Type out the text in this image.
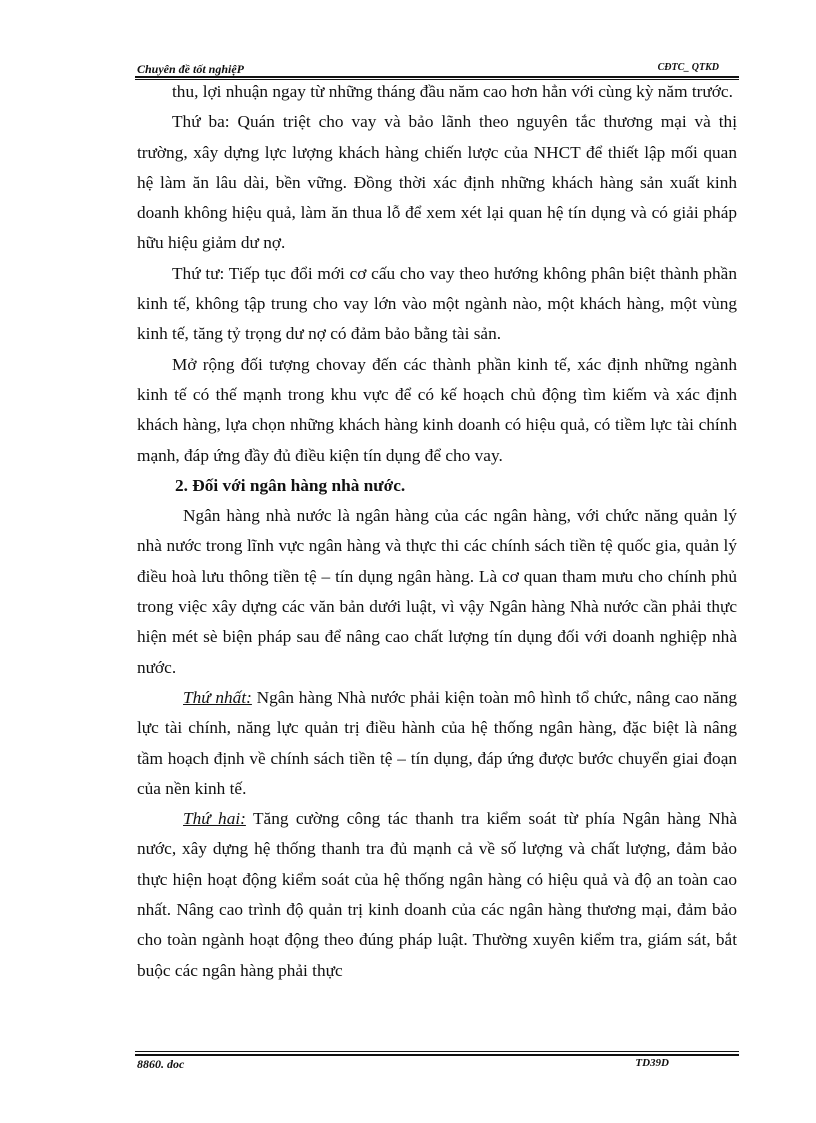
Chuyên đề tốt nghiệP	CĐTC_ QTKD

thu, lợi nhuận ngay từ những tháng đầu năm cao hơn hẳn với cùng kỳ năm trước.

Thứ ba: Quán triệt cho vay và bảo lãnh theo nguyên tắc thương mại và thị trường, xây dựng lực lượng khách hàng chiến lược của NHCT để thiết lập mối quan hệ làm ăn lâu dài, bền vững. Đồng thời xác định những khách hàng sản xuất kinh doanh không hiệu quả, làm ăn thua lỗ để xem xét lại quan hệ tín dụng và có giải pháp hữu hiệu giảm dư nợ.

Thứ tư: Tiếp tục đổi mới cơ cấu cho vay theo hướng không phân biệt thành phần kinh tế, không tập trung cho vay lớn vào một ngành nào, một khách hàng, một vùng kinh tế, tăng tỷ trọng dư nợ có đảm bảo bằng tài sản.

Mở rộng đối tượng chovay đến các thành phần kinh tế, xác định những ngành kinh tế có thế mạnh trong khu vực để có kế hoạch chủ động tìm kiếm và xác định khách hàng, lựa chọn những khách hàng kinh doanh có hiệu quả, có tiềm lực tài chính mạnh, đáp ứng đầy đủ điều kiện tín dụng để cho vay.

2. Đối với ngân hàng nhà nước.

Ngân hàng nhà nước là ngân hàng của các ngân hàng, với chức năng quản lý nhà nước trong lĩnh vực ngân hàng và thực thi các chính sách tiền tệ quốc gia, quản lý điều hoà lưu thông tiền tệ – tín dụng ngân hàng. Là cơ quan tham mưu cho chính phủ trong việc xây dựng các văn bản dưới luật, vì vậy Ngân hàng Nhà nước cần phải thực hiện mét sè biện pháp sau để nâng cao chất lượng tín dụng đối với doanh nghiệp nhà nước.

Thứ nhất: Ngân hàng Nhà nước phải kiện toàn mô hình tổ chức, nâng cao năng lực tài chính, năng lực quản trị điều hành của hệ thống ngân hàng, đặc biệt là nâng tầm hoạch định về chính sách tiền tệ – tín dụng, đáp ứng được bước chuyển giai đoạn của nền kinh tế.

Thứ hai: Tăng cường công tác thanh tra kiểm soát từ phía Ngân hàng Nhà nước, xây dựng hệ thống thanh tra đủ mạnh cả về số lượng và chất lượng, đảm bảo thực hiện hoạt động kiểm soát của hệ thống ngân hàng có hiệu quả và độ an toàn cao nhất. Nâng cao trình độ quản trị kinh doanh của các ngân hàng thương mại, đảm bảo cho toàn ngành hoạt động theo đúng pháp luật. Thường xuyên kiểm tra, giám sát, bắt buộc các ngân hàng phải thực

8860. doc	TD39D
